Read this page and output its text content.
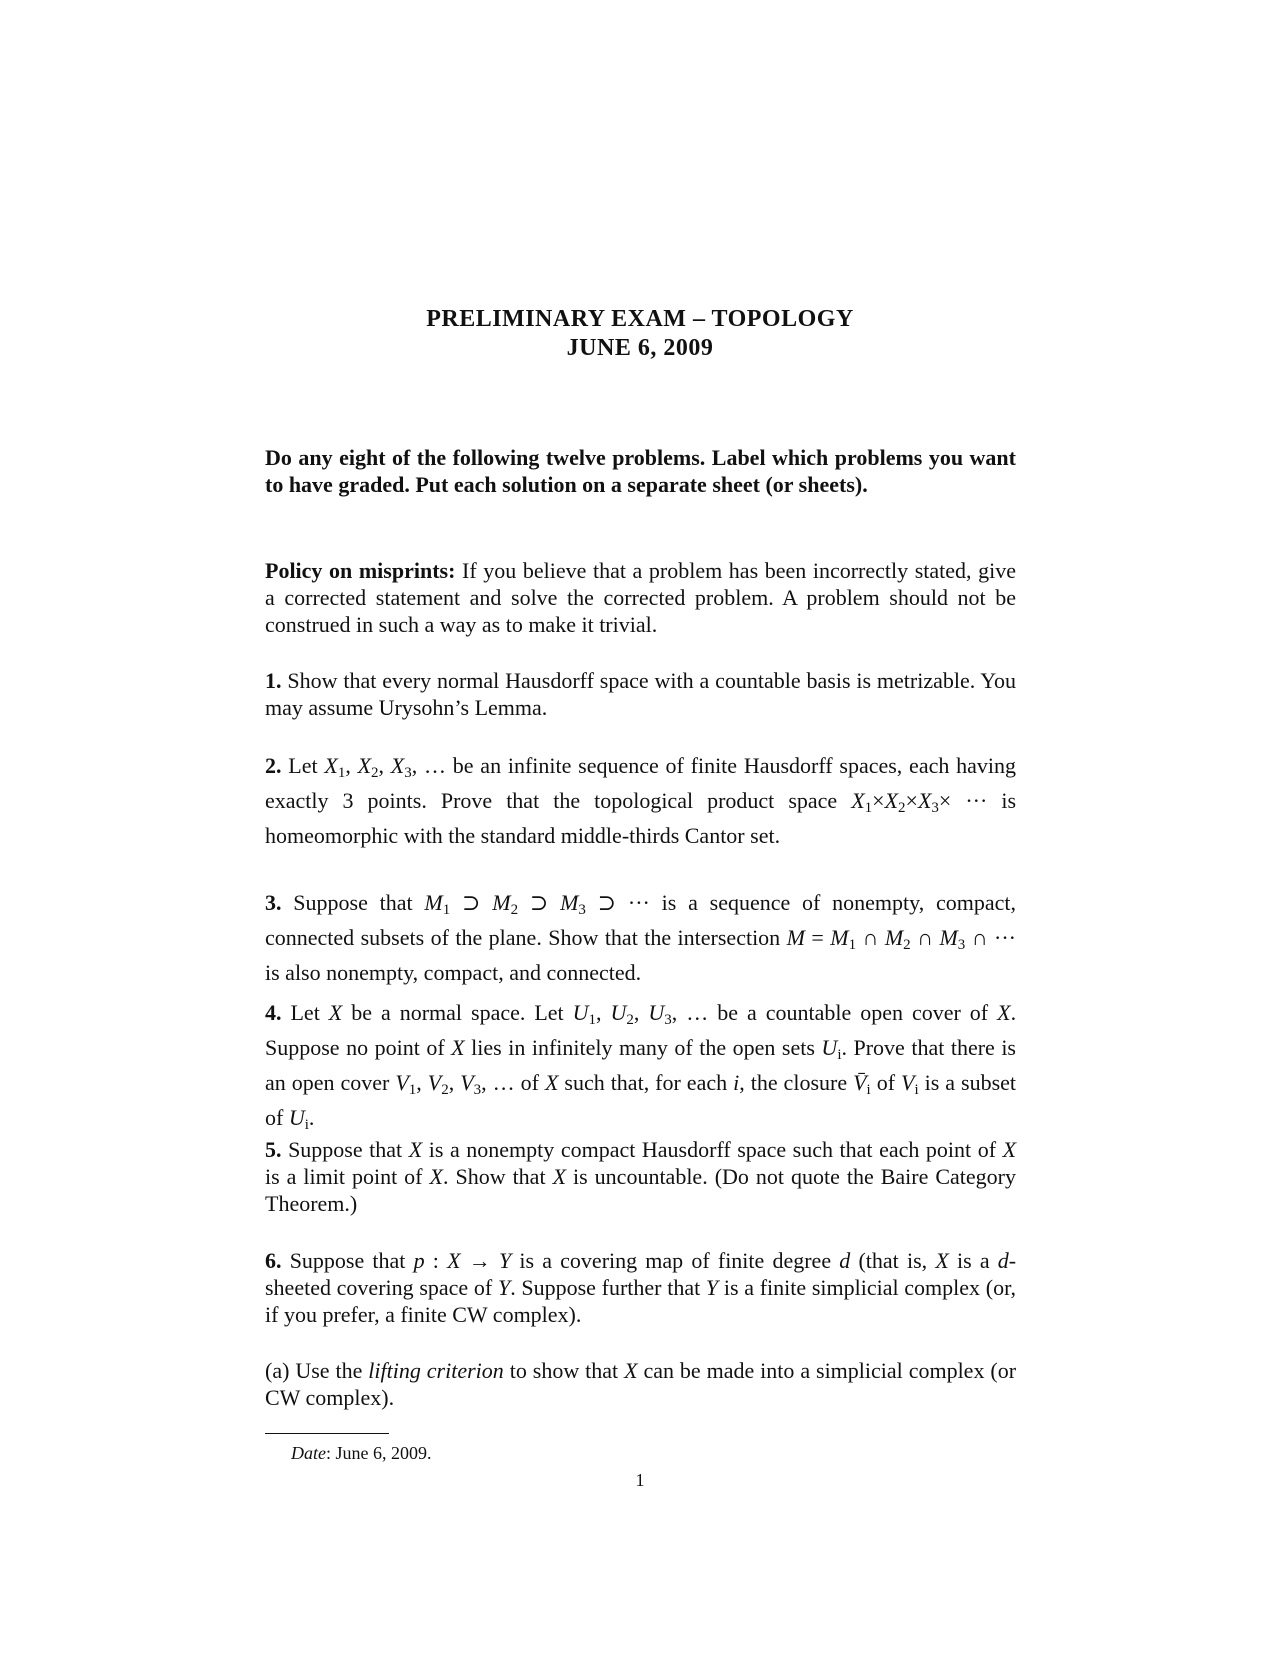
PRELIMINARY EXAM – TOPOLOGY
JUNE 6, 2009
Do any eight of the following twelve problems. Label which problems you want to have graded. Put each solution on a separate sheet (or sheets).
Policy on misprints: If you believe that a problem has been incorrectly stated, give a corrected statement and solve the corrected problem. A problem should not be construed in such a way as to make it trivial.
1. Show that every normal Hausdorff space with a countable basis is metrizable. You may assume Urysohn’s Lemma.
2. Let $X_1$, $X_2$, $X_3$, … be an infinite sequence of finite Hausdorff spaces, each having exactly 3 points. Prove that the topological product space $X_1\times X_2\times X_3\times$ ··· is homeomorphic with the standard middle-thirds Cantor set.
3. Suppose that $M_1$ ⊃ $M_2$ ⊃ $M_3$ ⊃ ··· is a sequence of nonempty, compact, connected subsets of the plane. Show that the intersection $M = M_1$ ∩ $M_2$ ∩ $M_3$ ∩ ··· is also nonempty, compact, and connected.
4. Let X be a normal space. Let $U_1$, $U_2$, $U_3$, … be a countable open cover of X. Suppose no point of X lies in infinitely many of the open sets $U_i$. Prove that there is an open cover $V_1$, $V_2$, $V_3$, … of X such that, for each i, the closure $V̄_i$ of $V_i$ is a subset of $U_i$.
5. Suppose that X is a nonempty compact Hausdorff space such that each point of X is a limit point of X. Show that X is uncountable. (Do not quote the Baire Category Theorem.)
6. Suppose that p : X → Y is a covering map of finite degree d (that is, X is a d-sheeted covering space of Y. Suppose further that Y is a finite simplicial complex (or, if you prefer, a finite CW complex).
(a) Use the lifting criterion to show that X can be made into a simplicial complex (or CW complex).
Date: June 6, 2009.
1
